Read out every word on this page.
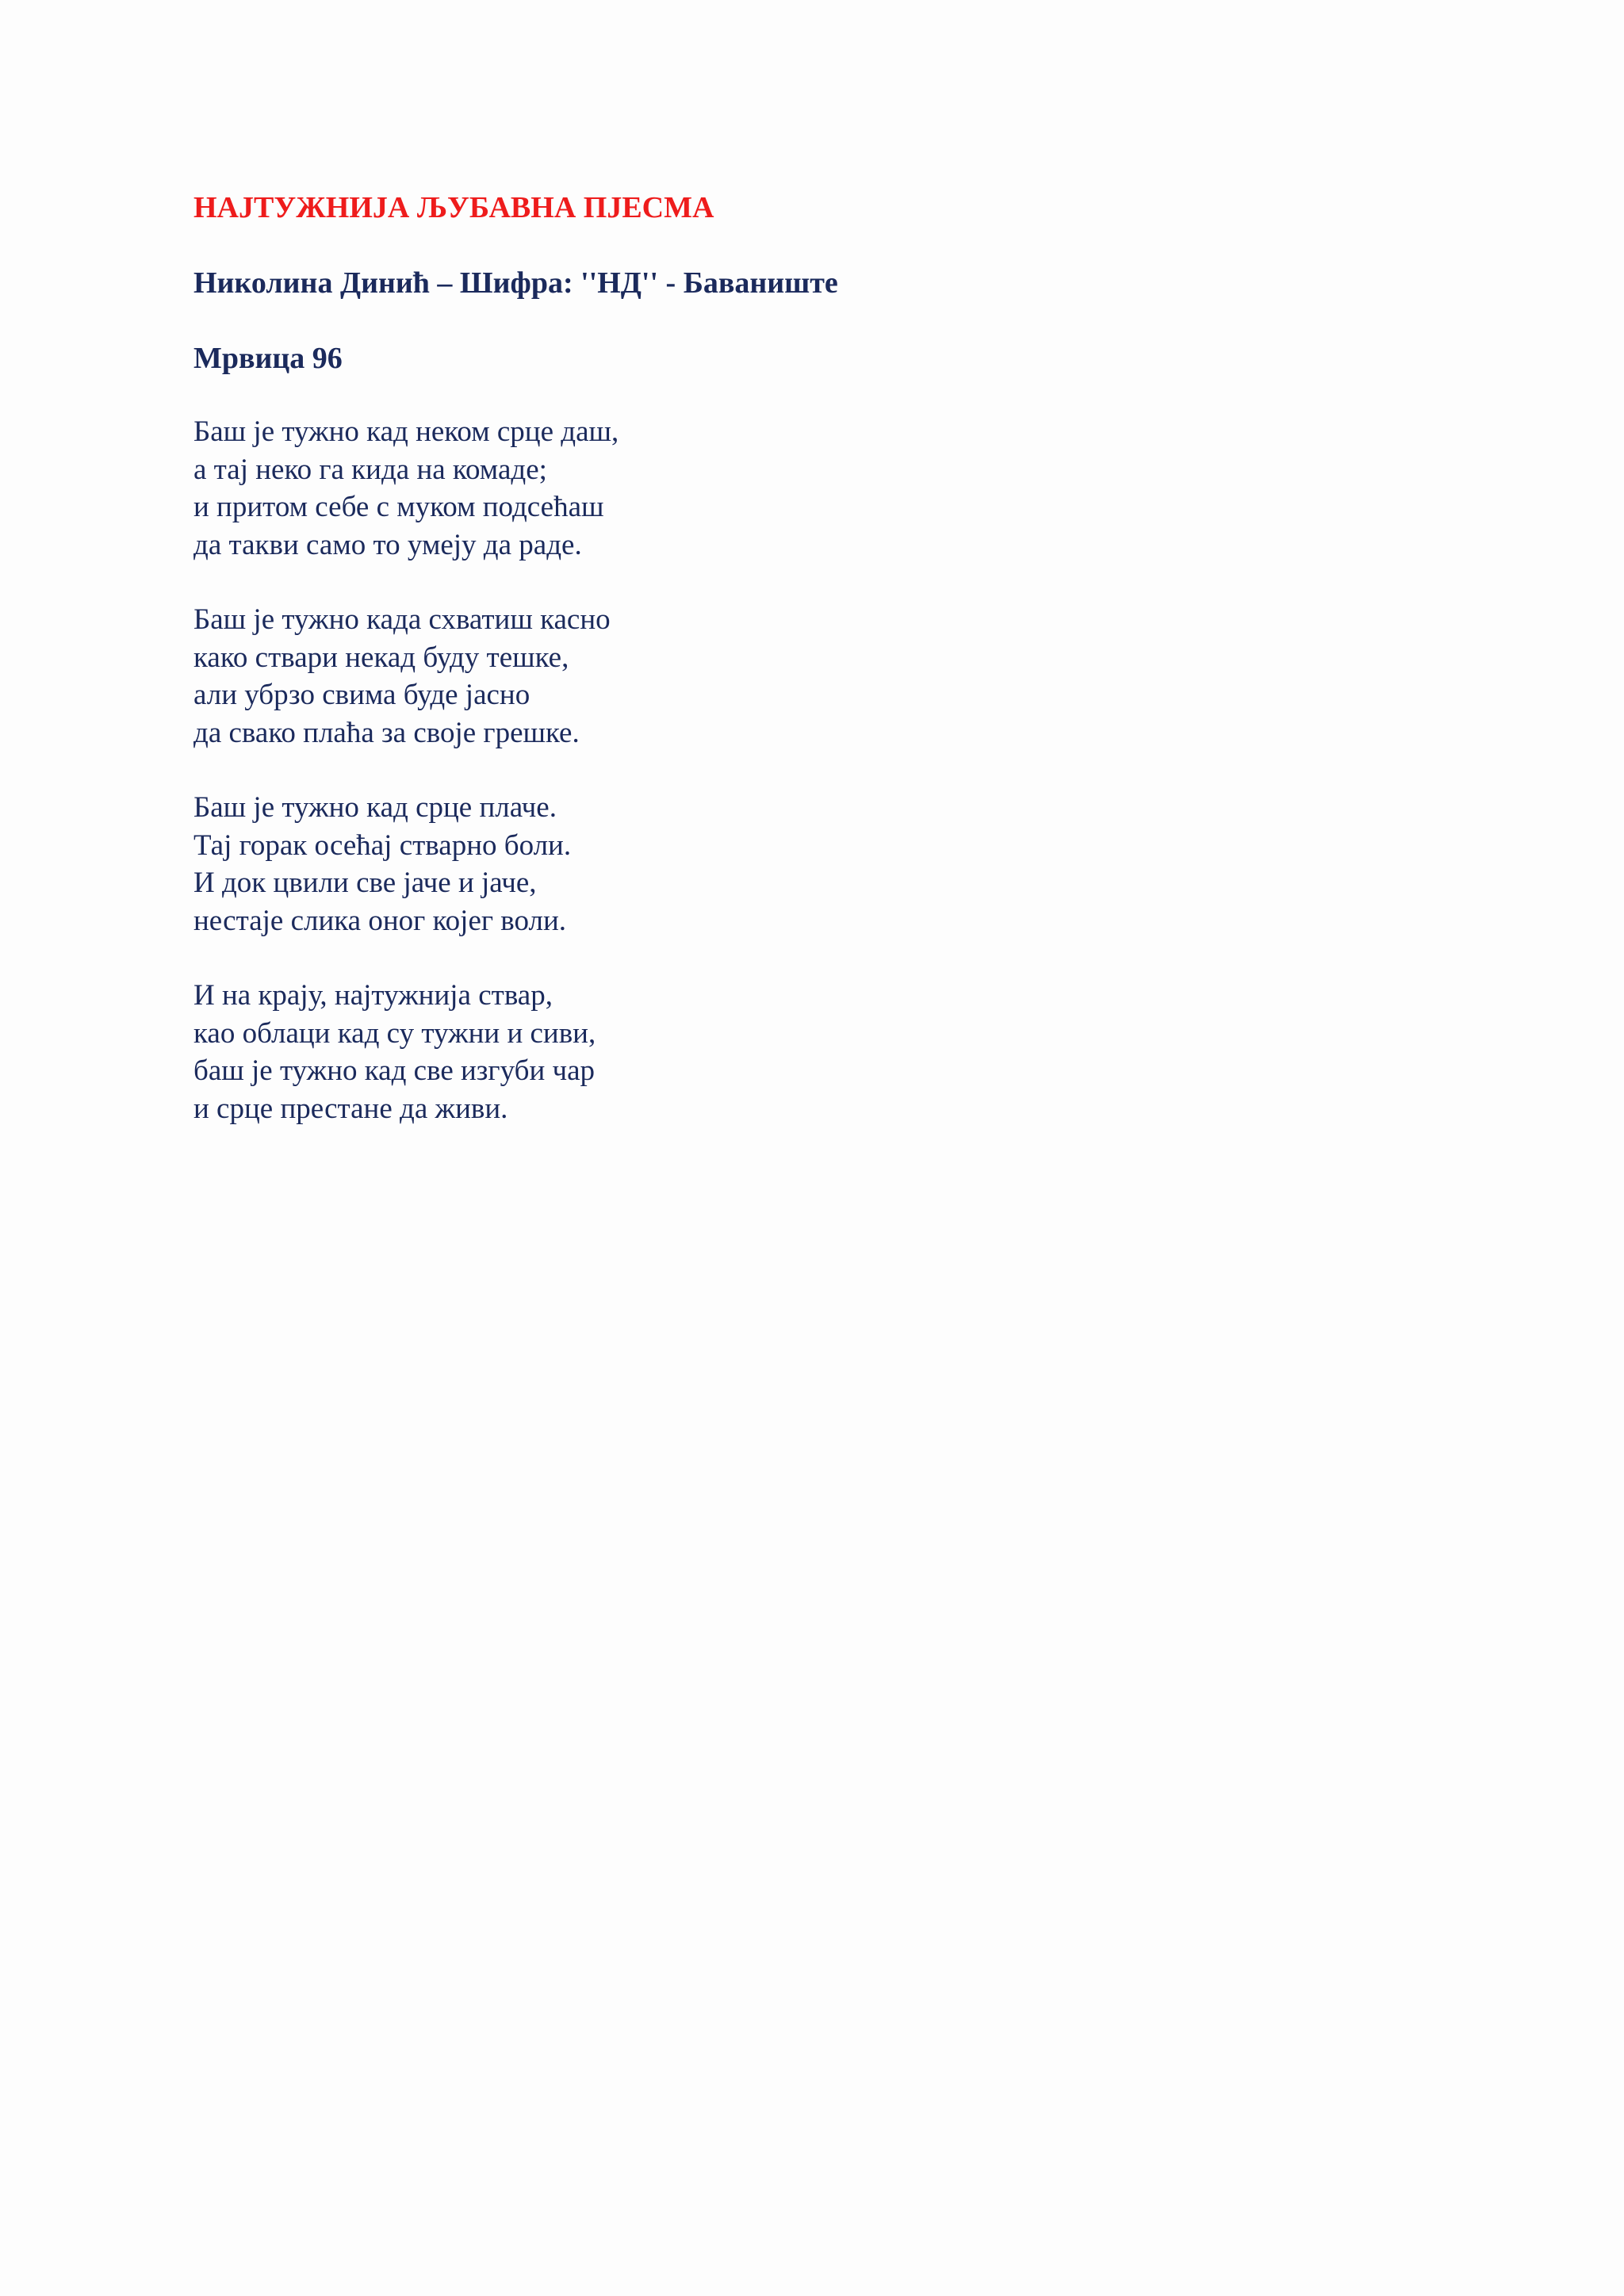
НАЈТУЖНИЈА ЉУБАВНА ПЈЕСМА
Николина Динић – Шифра: ''НД'' - Баваниште
Мрвица 96
Баш је тужно кад неком срце даш,
а тај неко га кида на комаде;
и притом себе с муком подсећаш
да такви само то умеју да раде.
Баш је тужно када схватиш касно
како ствари некад буду тешке,
али убрзо свима буде јасно
да свако плаћа за своје грешке.
Баш је тужно кад срце плаче.
Тај горак осећај стварно боли.
И док цвили све јаче и јаче,
нестаје слика оног којег воли.
И на крају, најтужнија ствар,
као облаци кад су тужни и сиви,
баш је тужно кад све изгуби чар
и срце престане да живи.
